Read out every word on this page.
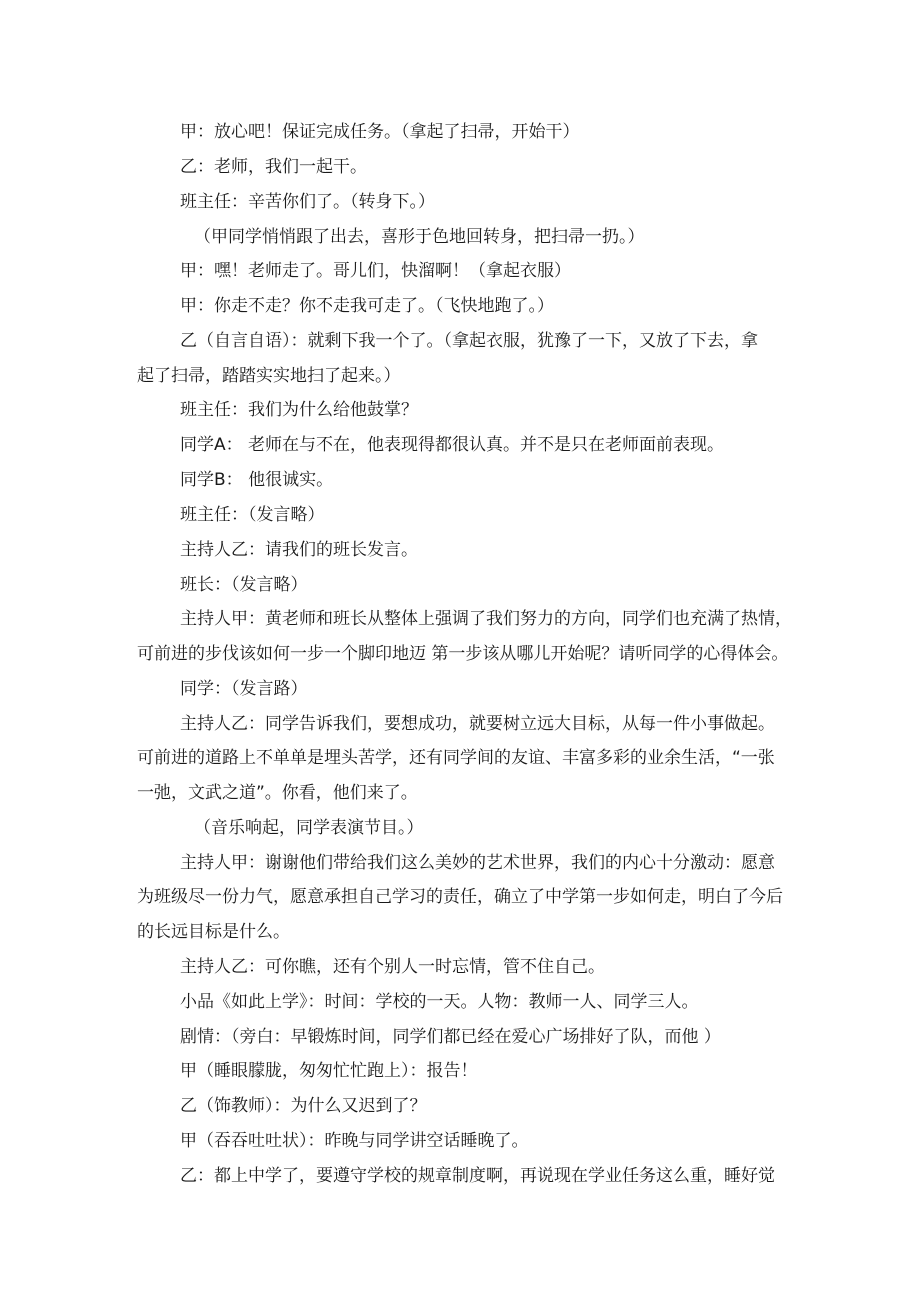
甲：放心吧！保证完成任务。（拿起了扫帚，开始干）
乙：老师，我们一起干。
班主任：辛苦你们了。（转身下。）
（甲同学悄悄跟了出去，喜形于色地回转身，把扫帚一扔。）
甲：嘿！老师走了。哥儿们，快溜啊！（拿起衣服）
甲：你走不走？你不走我可走了。（飞快地跑了。）
乙（自言自语）：就剩下我一个了。（拿起衣服，犹豫了一下，又放了下去，拿
起了扫帚，踏踏实实地扫了起来。）
班主任：我们为什么给他鼓掌？
同学A： 老师在与不在，他表现得都很认真。并不是只在老师面前表现。
同学B： 他很诚实。
班主任：（发言略）
主持人乙：请我们的班长发言。
班长：（发言略）
主持人甲：黄老师和班长从整体上强调了我们努力的方向，同学们也充满了热情，
可前进的步伐该如何一步一个脚印地迈 第一步该从哪儿开始呢？请听同学的心得体会。
同学：（发言路）
主持人乙：同学告诉我们，要想成功，就要树立远大目标，从每一件小事做起。
可前进的道路上不单单是埋头苦学，还有同学间的友谊、丰富多彩的业余生活，“一张
一弛，文武之道”。你看，他们来了。
（音乐响起，同学表演节目。）
主持人甲：谢谢他们带给我们这么美妙的艺术世界，我们的内心十分激动：愿意
为班级尽一份力气，愿意承担自己学习的责任，确立了中学第一步如何走，明白了今后
的长远目标是什么。
主持人乙：可你瞧，还有个别人一时忘情，管不住自己。
小品《如此上学》：时间：学校的一天。人物：教师一人、同学三人。
剧情：（旁白：早锻炼时间，同学们都已经在爱心广场排好了队，而他 ）
甲（睡眼朦胧，匆匆忙忙跑上）：报告！
乙（饰教师）：为什么又迟到了？
甲（吞吞吐吐状）：昨晚与同学讲空话睡晚了。
乙：都上中学了，要遵守学校的规章制度啊，再说现在学业任务这么重，睡好觉
